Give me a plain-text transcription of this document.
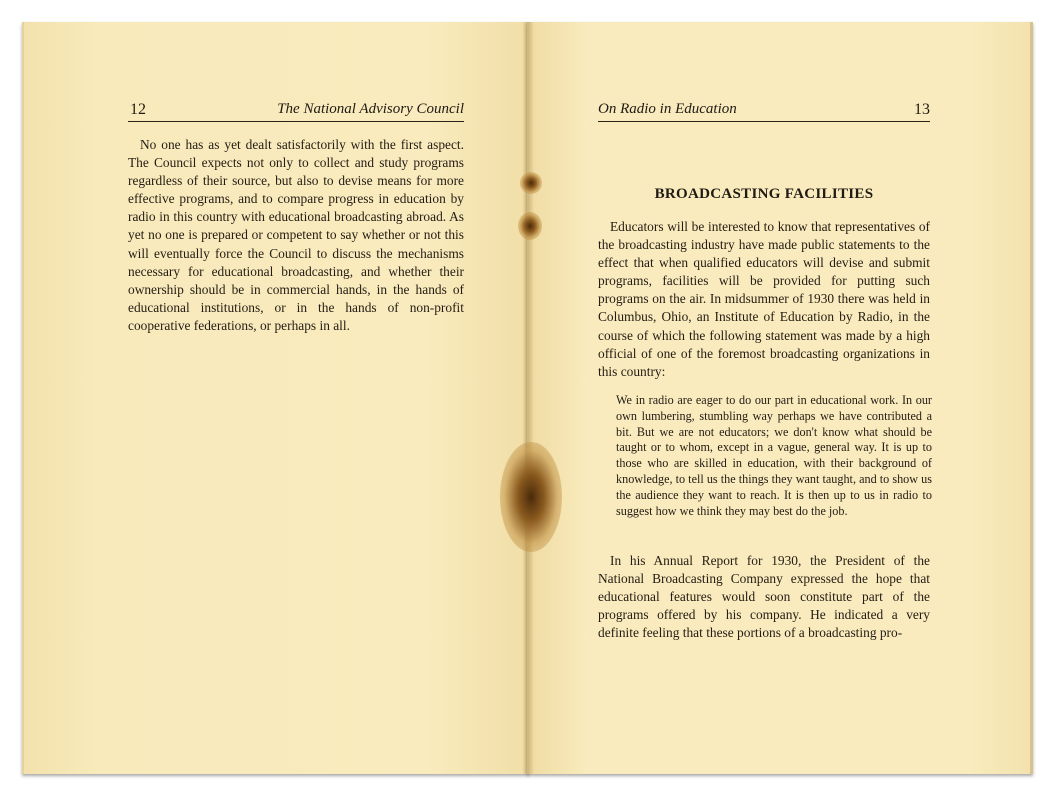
12	The National Advisory Council

No one has as yet dealt satisfactorily with the first aspect. The Council expects not only to collect and study programs regardless of their source, but also to devise means for more effective programs, and to compare progress in education by radio in this country with educational broadcasting abroad. As yet no one is prepared or competent to say whether or not this will eventually force the Council to discuss the mechanisms necessary for educational broadcasting, and whether their ownership should be in commercial hands, in the hands of educational institutions, or in the hands of non-profit cooperative federations, or perhaps in all.

On Radio in Education	13
BROADCASTING FACILITIES

Educators will be interested to know that representatives of the broadcasting industry have made public statements to the effect that when qualified educators will devise and submit programs, facilities will be provided for putting such programs on the air. In midsummer of 1930 there was held in Columbus, Ohio, an Institute of Education by Radio, in the course of which the following statement was made by a high official of one of the foremost broadcasting organizations in this country:

We in radio are eager to do our part in educational work. In our own lumbering, stumbling way perhaps we have contributed a bit. But we are not educators; we don't know what should be taught or to whom, except in a vague, general way. It is up to those who are skilled in education, with their background of knowledge, to tell us the things they want taught, and to show us the audience they want to reach. It is then up to us in radio to suggest how we think they may best do the job.

In his Annual Report for 1930, the President of the National Broadcasting Company expressed the hope that educational features would soon constitute part of the programs offered by his company. He indicated a very definite feeling that these portions of a broadcasting pro-
